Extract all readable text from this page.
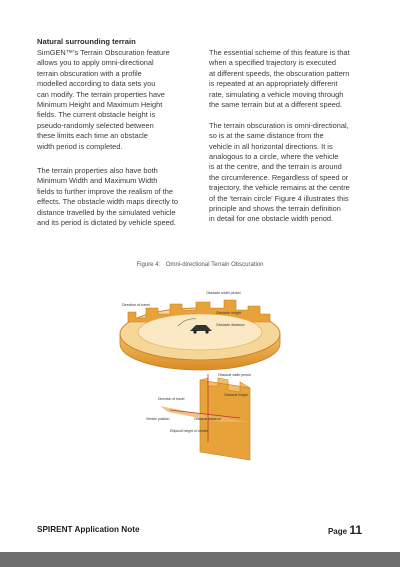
Natural surrounding terrain

SimGEN™'s Terrain Obscuration feature
allows you to apply omni-directional
terrain obscuration with a profile
modelled according to data sets you
can modify. The terrain properties have
Minimum Height and Maximum Height
fields. The current obstacle height is
pseudo-randomly selected between
these limits each time an obstacle
width period is completed.

The terrain properties also have both
Minimum Width and Maximum Width
fields to further improve the realism of the
effects. The obstacle width maps directly to
distance travelled by the simulated vehicle
and its period is dictated by vehicle speed.

The essential scheme of this feature is that
when a specified trajectory is executed
at different speeds, the obscuration pattern
is repeated at an appropriately different
rate, simulating a vehicle moving through
the same terrain but at a different speed.

The terrain obscuration is omni-directional,
so is at the same distance from the
vehicle in all horizontal directions. It is
analogous to a circle, where the vehicle
is at the centre, and the terrain is around
the circumference. Regardless of speed or
trajectory, the vehicle remains at the centre
of the 'terrain circle' Figure 4 illustrates this
principle and shows the terrain definition
in detail for one obstacle width period.

Figure 4: Omni-directional Terrain Obscuration
Obstacle width period
Direction of travel
Obstacle height
Obstacle distance
Obstacle width period
Obstacle height
Direction of travel
Vehicle position	Obstacle distance
Ellipsoid height of vehicle
SPIRENT Application Note	Page 11
